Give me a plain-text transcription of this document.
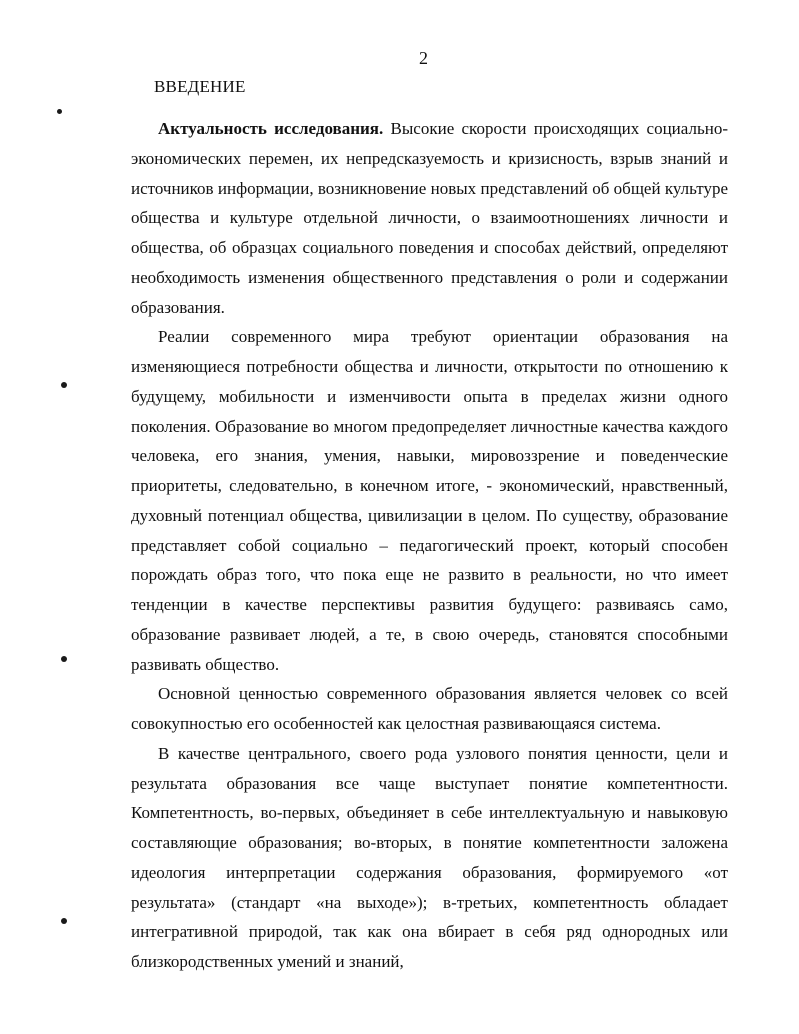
2
ВВЕДЕНИЕ

Актуальность исследования. Высокие скорости происходящих социально-экономических перемен, их непредсказуемость и кризисность, взрыв знаний и источников информации, возникновение новых представлений об общей культуре общества и культуре отдельной личности, о взаимоотношениях личности и общества, об образцах социального поведения и способах действий, определяют необходимость изменения общественного представления о роли и содержании образования.

Реалии современного мира требуют ориентации образования на изменяющиеся потребности общества и личности, открытости по отношению к будущему, мобильности и изменчивости опыта в пределах жизни одного поколения. Образование во многом предопределяет личностные качества каждого человека, его знания, умения, навыки, мировоззрение и поведенческие приоритеты, следовательно, в конечном итоге, - экономический, нравственный, духовный потенциал общества, цивилизации в целом. По существу, образование представляет собой социально – педагогический проект, который способен порождать образ того, что пока еще не развито в реальности, но что имеет тенденции в качестве перспективы развития будущего: развиваясь само, образование развивает людей, а те, в свою очередь, становятся способными развивать общество.

Основной ценностью современного образования является человек со всей совокупностью его особенностей как целостная развивающаяся система.

В качестве центрального, своего рода узлового понятия ценности, цели и результата образования все чаще выступает понятие компетентности. Компетентность, во-первых, объединяет в себе интеллектуальную и навыковую составляющие образования; во-вторых, в понятие компетентности заложена идеология интерпретации содержания образования, формируемого «от результата» (стандарт «на выходе»); в-третьих, компетентность обладает интегративной природой, так как она вбирает в себя ряд однородных или близкородственных умений и знаний,
